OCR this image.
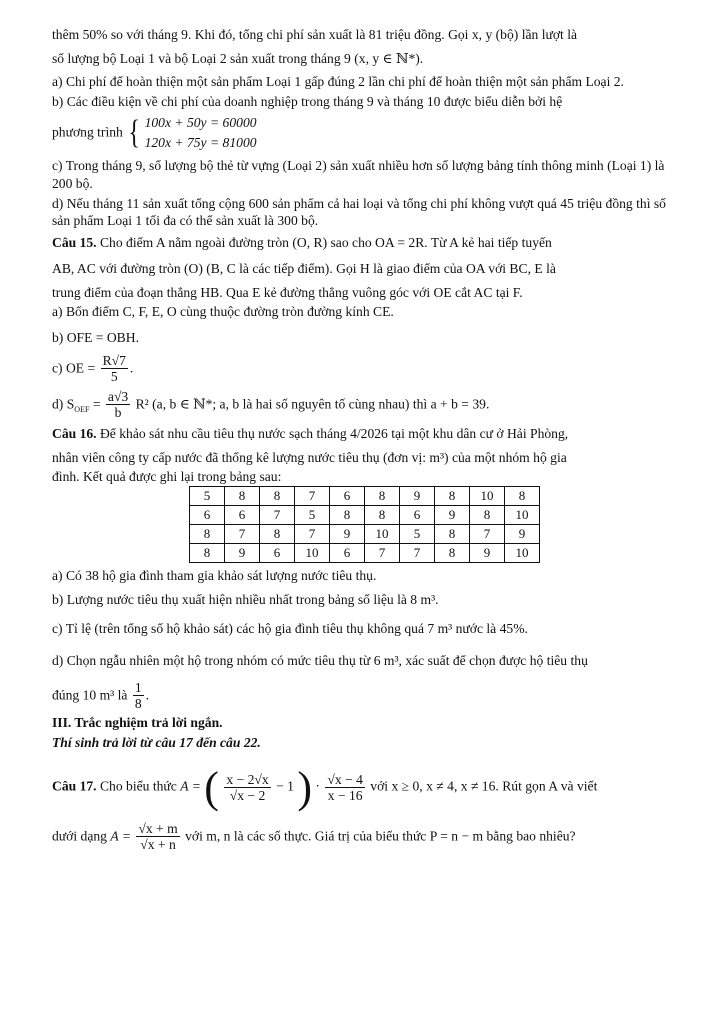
thêm 50% so với tháng 9. Khi đó, tổng chi phí sản xuất là 81 triệu đồng. Gọi x, y (bộ) lần lượt là

số lượng bộ Loại 1 và bộ Loại 2 sản xuất trong tháng 9 (x, y ∈ ℕ*).

a) Chi phí để hoàn thiện một sản phẩm Loại 1 gấp đúng 2 lần chi phí để hoàn thiện một sản phẩm Loại 2.

b) Các điều kiện về chi phí của doanh nghiệp trong tháng 9 và tháng 10 được biểu diễn bởi hệ

phương trình { 100x + 50y = 60000
120x + 75y = 81000

c) Trong tháng 9, số lượng bộ thẻ từ vựng (Loại 2) sản xuất nhiều hơn số lượng bảng tính thông minh (Loại 1) là 200 bộ.

d) Nếu tháng 11 sản xuất tổng cộng 600 sản phẩm cả hai loại và tổng chi phí không vượt quá 45 triệu đồng thì số sản phẩm Loại 1 tối đa có thể sản xuất là 300 bộ.

Câu 15. Cho điểm A nằm ngoài đường tròn (O, R) sao cho OA = 2R. Từ A kẻ hai tiếp tuyến

AB, AC với đường tròn (O) (B, C là các tiếp điểm). Gọi H là giao điểm của OA với BC, E là

trung điểm của đoạn thẳng HB. Qua E kẻ đường thẳng vuông góc với OE cắt AC tại F.

a) Bốn điểm C, F, E, O cùng thuộc đường tròn đường kính CE.

b) OFE = OBH.

c) OE = $\frac{R√7}{5}$ .
d) $S_{OEF} = \frac{a√3}{b} R^2$ (a, b ∈ ℕ*; a, b là hai số nguyên tố cùng nhau) thì a + b = 39.

Câu 16. Để khảo sát nhu cầu tiêu thụ nước sạch tháng 4/2026 tại một khu dân cư ở Hải Phòng,

nhân viên công ty cấp nước đã thống kê lượng nước tiêu thụ (đơn vị: m³) của một nhóm hộ gia

đình. Kết quả được ghi lại trong bảng sau:

5	8	8	7	6	8	9	8	10	8
6	6	7	5	8	8	6	9	8	10
8	7	8	7	9	10	5	8	7	9
8	9	6	10	6	7	7	8	9	10

a) Có 38 hộ gia đình tham gia khảo sát lượng nước tiêu thụ.

b) Lượng nước tiêu thụ xuất hiện nhiều nhất trong bảng số liệu là 8 m³.

c) Tỉ lệ (trên tổng số hộ khảo sát) các hộ gia đình tiêu thụ không quá 7 m³ nước là 45%.

d) Chọn ngẫu nhiên một hộ trong nhóm có mức tiêu thụ từ 6 m³, xác suất để chọn được hộ tiêu thụ

đúng 10 m³ là $\frac{1}{8}$ .

III. Trắc nghiệm trả lời ngắn.

Thí sinh trả lời từ câu 17 đến câu 22.

Câu 17. Cho biểu thức A = ( $\frac{x - 2√x}{√x - 2} - 1$ ) · $\frac{√x - 4}{x - 16}$ với x ≥ 0, x ≠ 4, x ≠ 16. Rút gọn A và viết
dưới dạng $A = \frac{√x + m}{√x + n}$ với m, n là các số thực. Giá trị của biểu thức P = n − m bằng bao nhiêu?
